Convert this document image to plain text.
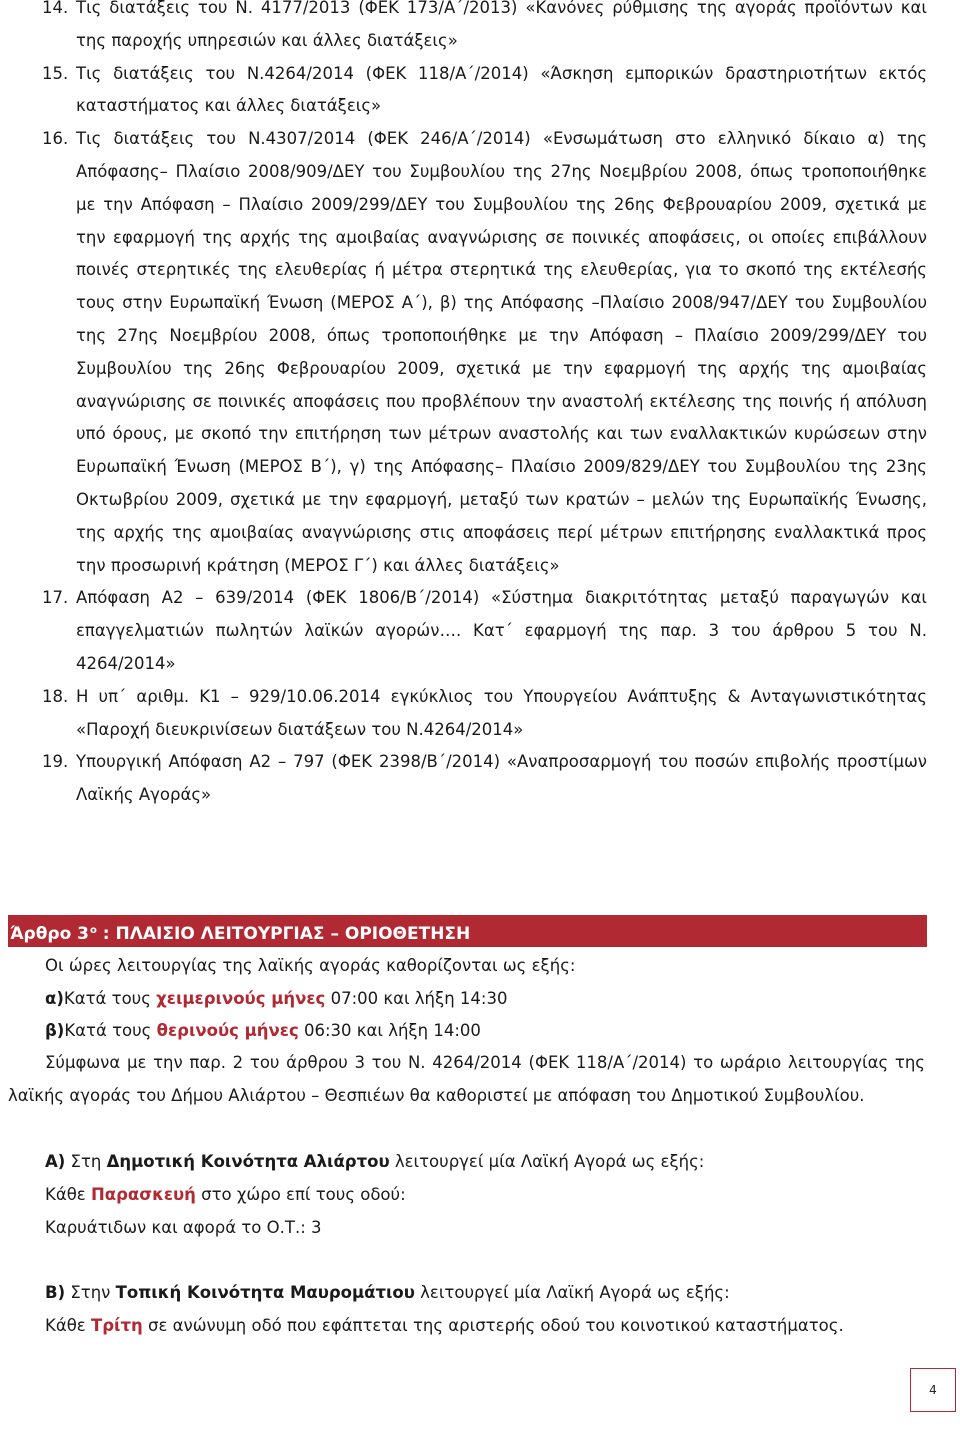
14. Τις διατάξεις του Ν. 4177/2013 (ΦΕΚ 173/Α΄/2013) «Κανόνες ρύθμισης της αγοράς προϊόντων και της παροχής υπηρεσιών και άλλες διατάξεις»
15. Τις διατάξεις του Ν.4264/2014 (ΦΕΚ 118/Α΄/2014) «Άσκηση εμπορικών δραστηριοτήτων εκτός καταστήματος και άλλες διατάξεις»
16. Τις διατάξεις του Ν.4307/2014 (ΦΕΚ 246/Α΄/2014) «Ενσωμάτωση στο ελληνικό δίκαιο α) της Απόφασης– Πλαίσιο 2008/909/ΔΕΥ του Συμβουλίου της 27ης Νοεμβρίου 2008, όπως τροποποιήθηκε με την Απόφαση – Πλαίσιο 2009/299/ΔΕΥ του Συμβουλίου της 26ης Φεβρουαρίου 2009, σχετικά με την εφαρμογή της αρχής της αμοιβαίας αναγνώρισης σε ποινικές αποφάσεις, οι οποίες επιβάλλουν ποινές στερητικές της ελευθερίας ή μέτρα στερητικά της ελευθερίας, για το σκοπό της εκτέλεσής τους στην Ευρωπαϊκή Ένωση (ΜΕΡΟΣ Α΄), β) της Απόφασης –Πλαίσιο 2008/947/ΔΕΥ του Συμβουλίου της 27ης Νοεμβρίου 2008, όπως τροποποιήθηκε με την Απόφαση – Πλαίσιο 2009/299/ΔΕΥ του Συμβουλίου της 26ης Φεβρουαρίου 2009, σχετικά με την εφαρμογή της αρχής της αμοιβαίας αναγνώρισης σε ποινικές αποφάσεις που προβλέπουν την αναστολή εκτέλεσης της ποινής ή απόλυση υπό όρους, με σκοπό την επιτήρηση των μέτρων αναστολής και των εναλλακτικών κυρώσεων στην Ευρωπαϊκή Ένωση (ΜΕΡΟΣ Β΄), γ) της Απόφασης– Πλαίσιο 2009/829/ΔΕΥ του Συμβουλίου της 23ης Οκτωβρίου 2009, σχετικά με την εφαρμογή, μεταξύ των κρατών – μελών της Ευρωπαϊκής Ένωσης, της αρχής της αμοιβαίας αναγνώρισης στις αποφάσεις περί μέτρων επιτήρησης εναλλακτικά προς την προσωρινή κράτηση (ΜΕΡΟΣ Γ΄) και άλλες διατάξεις»
17. Απόφαση Α2 – 639/2014 (ΦΕΚ 1806/Β΄/2014) «Σύστημα διακριτότητας μεταξύ παραγωγών και επαγγελματιών πωλητών λαϊκών αγορών…. Κατ΄ εφαρμογή της παρ. 3 του άρθρου 5 του Ν. 4264/2014»
18. Η υπ΄ αριθμ. Κ1 – 929/10.06.2014 εγκύκλιος του Υπουργείου Ανάπτυξης & Ανταγωνιστικότητας «Παροχή διευκρινίσεων διατάξεων του Ν.4264/2014»
19. Υπουργική Απόφαση Α2 – 797 (ΦΕΚ 2398/Β΄/2014) «Αναπροσαρμογή του ποσών επιβολής προστίμων Λαϊκής Αγοράς»
Άρθρο $3^o$ : ΠΛΑΙΣΙΟ ΛΕΙΤΟΥΡΓΙΑΣ – ΟΡΙΟΘΕΤΗΣΗ
Οι ώρες λειτουργίας της λαϊκής αγοράς καθορίζονται ως εξής:
α)Κατά τους χειμερινούς μήνες 07:00 και λήξη 14:30
β)Κατά τους θερινούς μήνες 06:30 και λήξη 14:00
Σύμφωνα με την παρ. 2 του άρθρου 3 του Ν. 4264/2014 (ΦΕΚ 118/Α΄/2014) το ωράριο λειτουργίας της λαϊκής αγοράς του Δήμου Αλιάρτου – Θεσπιέων θα καθοριστεί με απόφαση του Δημοτικού Συμβουλίου.
Α) Στη Δημοτική Κοινότητα Αλιάρτου λειτουργεί μία Λαϊκή Αγορά ως εξής:
Κάθε Παρασκευή στο χώρο επί τους οδού:
Καρυάτιδων και αφορά το Ο.Τ.: 3
Β) Στην Τοπική Κοινότητα Μαυρομάτιου λειτουργεί μία Λαϊκή Αγορά ως εξής:
Κάθε Τρίτη σε ανώνυμη οδό που εφάπτεται της αριστερής οδού του κοινοτικού καταστήματος.
4
